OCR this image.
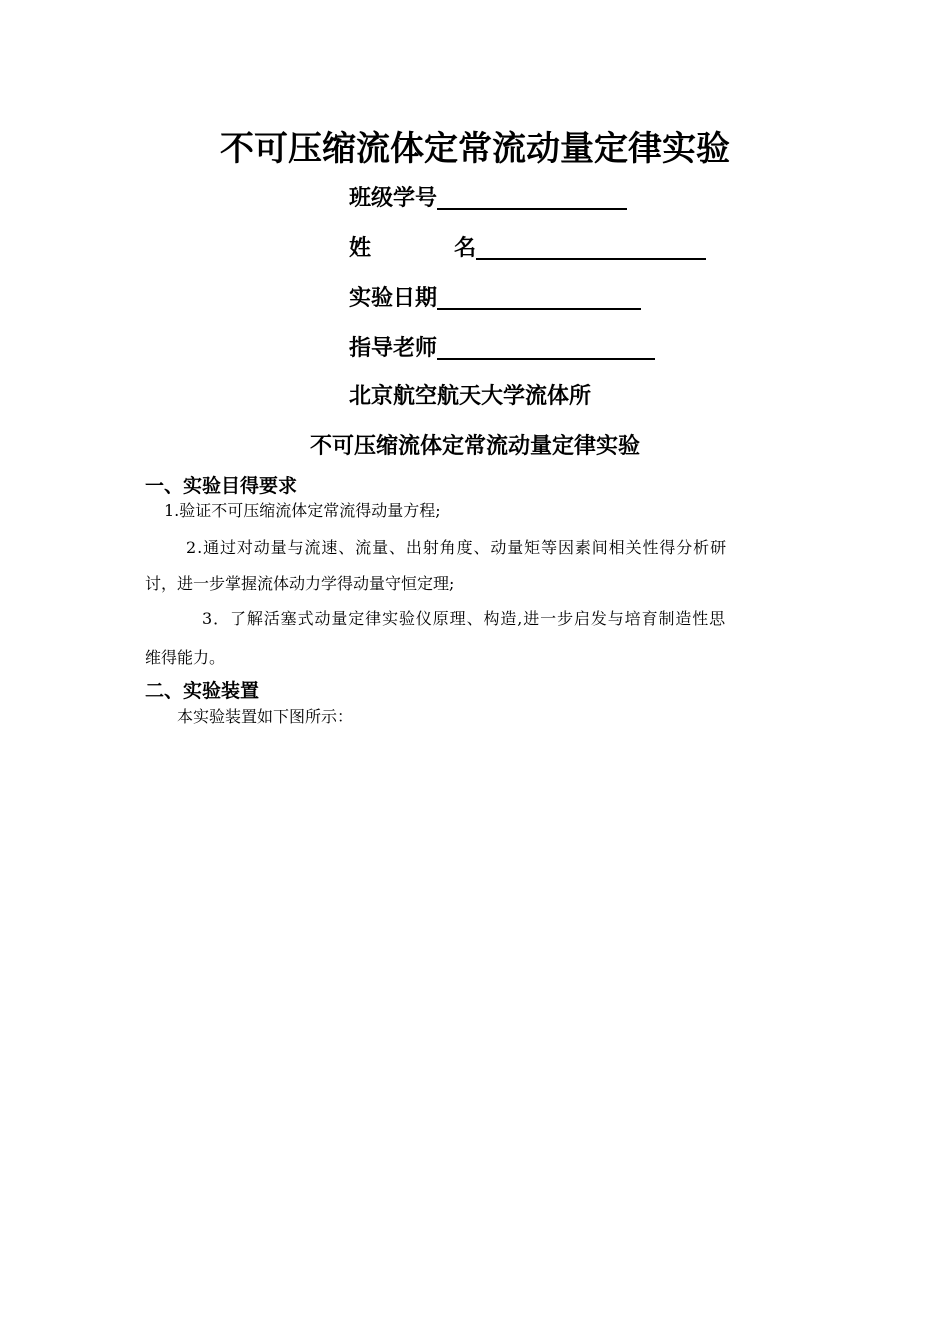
不可压缩流体定常流动量定律实验
班级学号
姓	名
实验日期
指导老师
北京航空航天大学流体所
不可压缩流体定常流动量定律实验
一、实验目得要求
1.验证不可压缩流体定常流得动量方程;
2.通过对动量与流速、流量、出射角度、动量矩等因素间相关性得分析研
讨，进一步掌握流体动力学得动量守恒定理;
3．了解活塞式动量定律实验仪原理、构造,进一步启发与培育制造性思
维得能力。
二、实验装置
本实验装置如下图所示：
